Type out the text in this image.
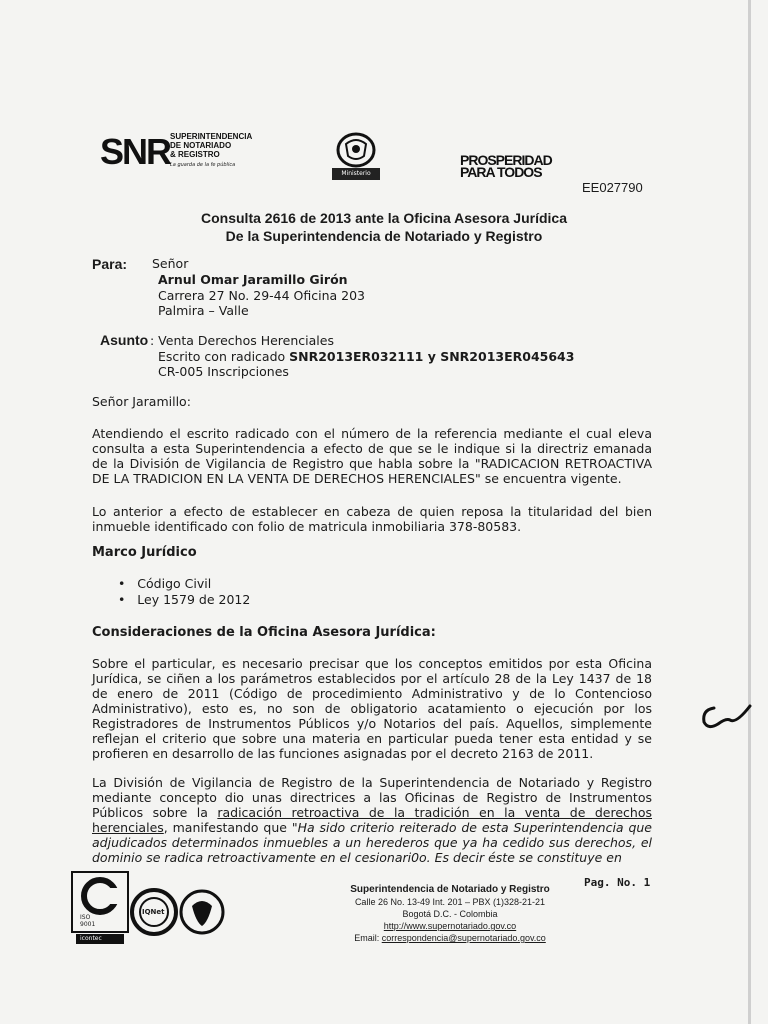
SNR SUPERINTENDENCIA
DE NOTARIADO
& REGISTRO
La guarda de la fe pública
Ministerio
PROSPERIDAD
PARA TODOS
EE027790
Consulta 2616 de 2013 ante la Oficina Asesora Jurídica
De la Superintendencia de Notariado y Registro
Para: Señor
Arnul Omar Jaramillo Girón
Carrera 27 No. 29-44 Oficina 203
Palmira – Valle
Asunto : Venta Derechos Herenciales
Escrito con radicado SNR2013ER032111 y SNR2013ER045643
CR-005 Inscripciones
Señor Jaramillo:
Atendiendo el escrito radicado con el número de la referencia mediante el cual eleva consulta a esta Superintendencia a efecto de que se le indique si la directriz emanada de la División de Vigilancia de Registro que habla sobre la "RADICACION RETROACTIVA DE LA TRADICION EN LA VENTA DE DERECHOS HERENCIALES" se encuentra vigente.
Lo anterior a efecto de establecer en cabeza de quien reposa la titularidad del bien inmueble identificado con folio de matricula inmobiliaria 378-80583.
Marco Jurídico
•   Código Civil
•   Ley 1579 de 2012
Consideraciones de la Oficina Asesora Jurídica:
Sobre el particular, es necesario precisar que los conceptos emitidos por esta Oficina Jurídica, se ciñen a los parámetros establecidos por el artículo 28 de la Ley 1437 de 18 de enero de 2011 (Código de procedimiento Administrativo y de lo Contencioso Administrativo), esto es, no son de obligatorio acatamiento o ejecución por los Registradores de Instrumentos Públicos y/o Notarios del país. Aquellos, simplemente reflejan el criterio que sobre una materia en particular pueda tener esta entidad y se profieren en desarrollo de las funciones asignadas por el decreto 2163 de 2011.
La División de Vigilancia de Registro de la Superintendencia de Notariado y Registro mediante concepto dio unas directrices a las Oficinas de Registro de Instrumentos Públicos sobre la radicación retroactiva de la tradición en la venta de derechos herenciales, manifestando que "Ha sido criterio reiterado de esta Superintendencia que adjudicados determinados inmuebles a un herederos que ya ha cedido sus derechos, el dominio se radica retroactivamente en el cesionari0o. Es decir éste se constituye en
ISO 9001
icontec
IQNet
Pag. No. 1
Superintendencia de Notariado y Registro
Calle 26 No. 13-49 Int. 201 – PBX (1)328-21-21
Bogotá D.C. - Colombia
http://www.supernotariado.gov.co
Email: correspondencia@supernotariado.gov.co
